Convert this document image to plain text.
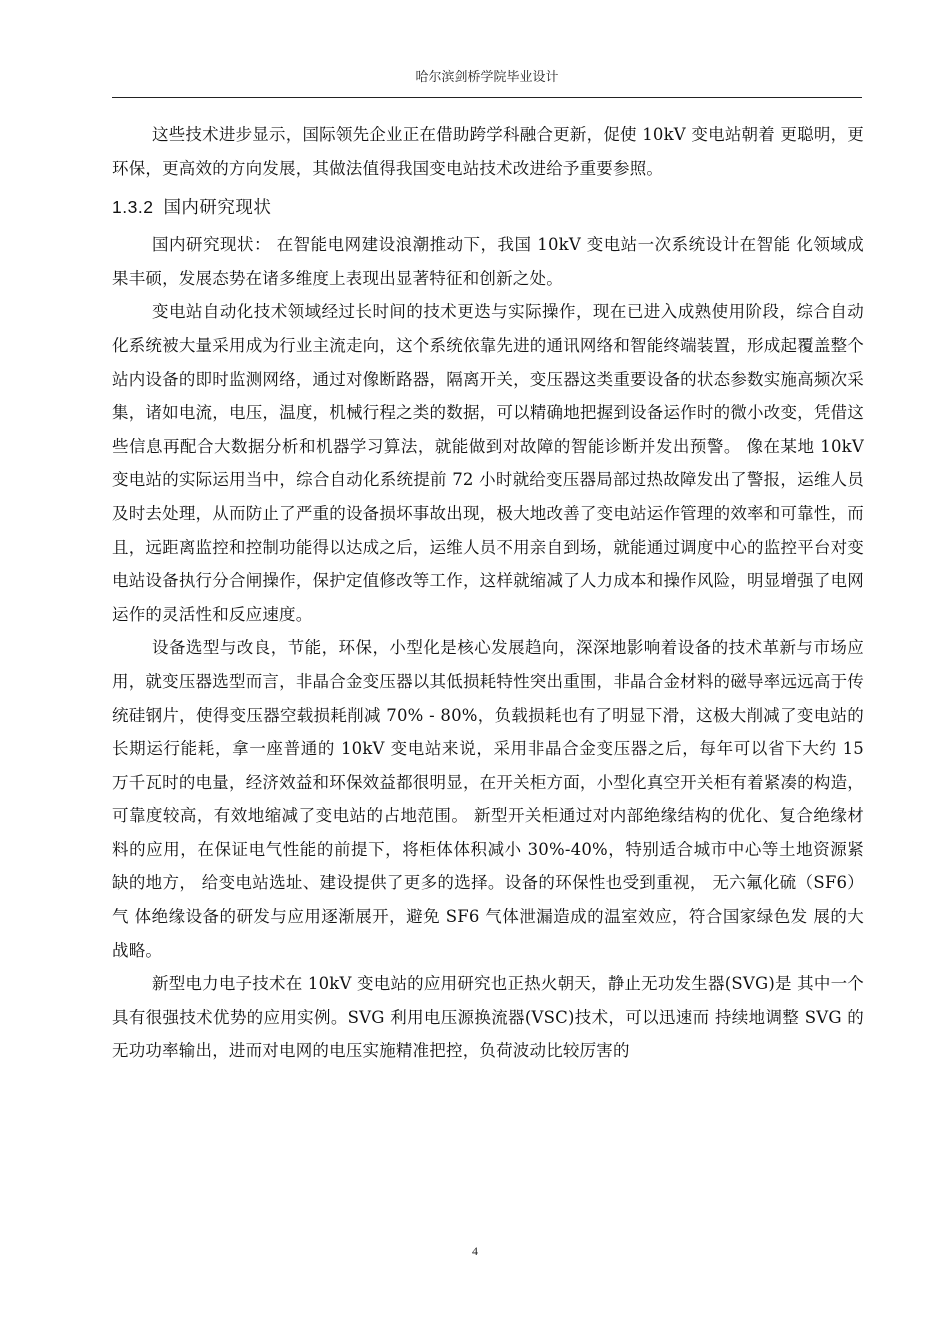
哈尔滨剑桥学院毕业设计

这些技术进步显示，国际领先企业正在借助跨学科融合更新，促使 10kV 变电站朝着 更聪明，更环保，更高效的方向发展，其做法值得我国变电站技术改进给予重要参照。

1.3.2 国内研究现状

国内研究现状： 在智能电网建设浪潮推动下，我国 10kV 变电站一次系统设计在智能 化领域成果丰硕，发展态势在诸多维度上表现出显著特征和创新之处。

变电站自动化技术领域经过长时间的技术更迭与实际操作，现在已进入成熟使用阶段，综合自动化系统被大量采用成为行业主流走向，这个系统依靠先进的通讯网络和智能终端装置，形成起覆盖整个站内设备的即时监测网络，通过对像断路器，隔离开关，变压器这类重要设备的状态参数实施高频次采集，诸如电流，电压，温度，机械行程之类的数据，可以精确地把握到设备运作时的微小改变，凭借这些信息再配合大数据分析和机器学习算法，就能做到对故障的智能诊断并发出预警。 像在某地 10kV 变电站的实际运用当中，综合自动化系统提前 72 小时就给变压器局部过热故障发出了警报，运维人员及时去处理，从而防止了严重的设备损坏事故出现，极大地改善了变电站运作管理的效率和可靠性，而且，远距离监控和控制功能得以达成之后，运维人员不用亲自到场，就能通过调度中心的监控平台对变电站设备执行分合闸操作，保护定值修改等工作，这样就缩减了人力成本和操作风险，明显增强了电网运作的灵活性和反应速度。

设备选型与改良，节能，环保，小型化是核心发展趋向，深深地影响着设备的技术革新与市场应用，就变压器选型而言，非晶合金变压器以其低损耗特性突出重围，非晶合金材料的磁导率远远高于传统硅钢片，使得变压器空载损耗削减 70% - 80%，负载损耗也有了明显下滑，这极大削减了变电站的长期运行能耗，拿一座普通的 10kV 变电站来说，采用非晶合金变压器之后，每年可以省下大约 15 万千瓦时的电量，经济效益和环保效益都很明显，在开关柜方面，小型化真空开关柜有着紧凑的构造，可靠度较高，有效地缩减了变电站的占地范围。 新型开关柜通过对内部绝缘结构的优化、复合绝缘材料的应用，在保证电气性能的前提下，将柜体体积减小 30%-40%，特别适合城市中心等土地资源紧缺的地方， 给变电站选址、建设提供了更多的选择。设备的环保性也受到重视， 无六氟化硫（SF6）气 体绝缘设备的研发与应用逐渐展开，避免 SF6 气体泄漏造成的温室效应，符合国家绿色发 展的大战略。

新型电力电子技术在 10kV 变电站的应用研究也正热火朝天，静止无功发生器(SVG)是 其中一个具有很强技术优势的应用实例。SVG 利用电压源换流器(VSC)技术，可以迅速而 持续地调整 SVG 的无功功率输出，进而对电网的电压实施精准把控，负荷波动比较厉害的

4
